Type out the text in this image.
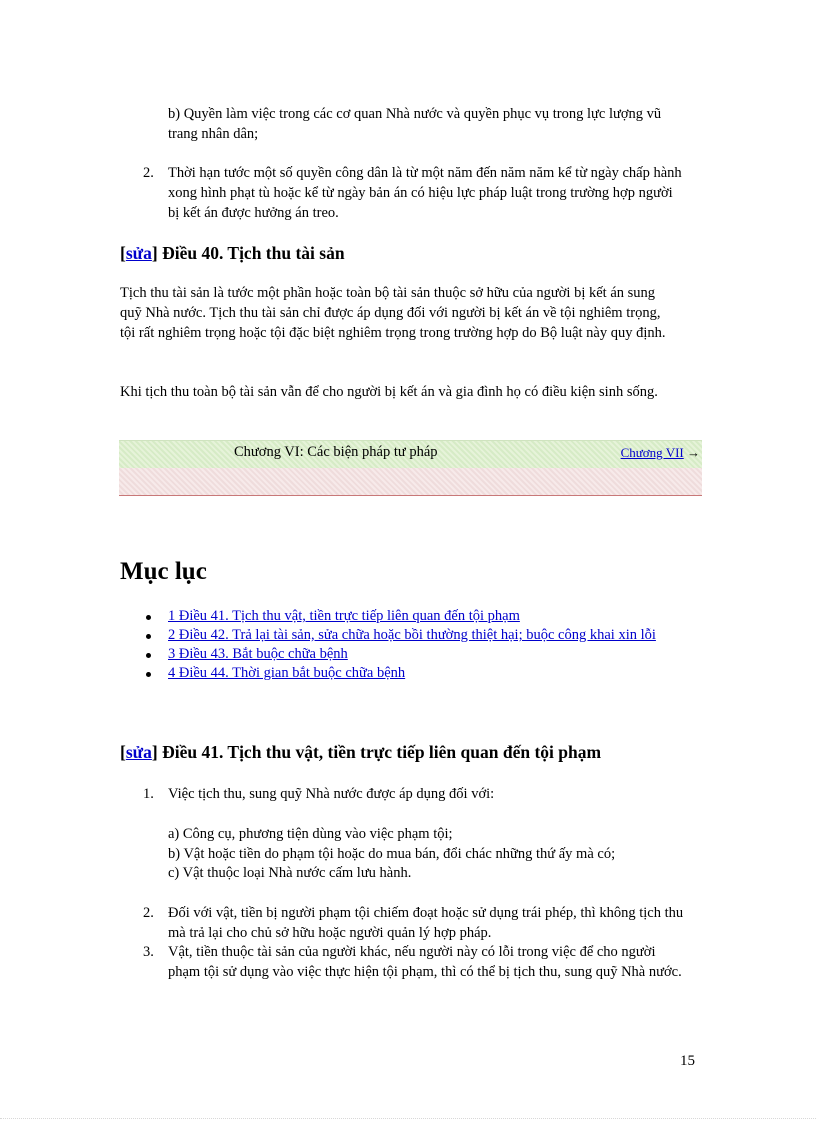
b) Quyền làm việc trong các cơ quan Nhà nước và quyền phục vụ trong lực lượng vũ trang nhân dân;
2. Thời hạn tước một số quyền công dân là từ một năm đến năm năm kể từ ngày chấp hành xong hình phạt tù hoặc kể từ ngày bản án có hiệu lực pháp luật trong trường hợp người bị kết án được hưởng án treo.
[sửa] Điều 40. Tịch thu tài sản
Tịch thu tài sản là tước một phần hoặc toàn bộ tài sản thuộc sở hữu của người bị kết án sung quỹ Nhà nước. Tịch thu tài sản chỉ được áp dụng đối với người bị kết án về tội nghiêm trọng, tội rất nghiêm trọng hoặc tội đặc biệt nghiêm trọng trong trường hợp do Bộ luật này quy định.
Khi tịch thu toàn bộ tài sản vẫn để cho người bị kết án và gia đình họ có điều kiện sinh sống.
Chương VI: Các biện pháp tư pháp	Chương VII →
Mục lục
1 Điều 41. Tịch thu vật, tiền trực tiếp liên quan đến tội phạm
2 Điều 42. Trả lại tài sản, sửa chữa hoặc bồi thường thiệt hại; buộc công khai xin lỗi
3 Điều 43. Bắt buộc chữa bệnh
4 Điều 44. Thời gian bắt buộc chữa bệnh
[sửa] Điều 41. Tịch thu vật, tiền trực tiếp liên quan đến tội phạm
1. Việc tịch thu, sung quỹ Nhà nước được áp dụng đối với:
a) Công cụ, phương tiện dùng vào việc phạm tội;
b) Vật hoặc tiền do phạm tội hoặc do mua bán, đổi chác những thứ ấy mà có;
c) Vật thuộc loại Nhà nước cấm lưu hành.
2. Đối với vật, tiền bị người phạm tội chiếm đoạt hoặc sử dụng trái phép, thì không tịch thu mà trả lại cho chủ sở hữu hoặc người quản lý hợp pháp.
3. Vật, tiền thuộc tài sản của người khác, nếu người này có lỗi trong việc để cho người phạm tội sử dụng vào việc thực hiện tội phạm, thì có thể bị tịch thu, sung quỹ Nhà nước.
15
